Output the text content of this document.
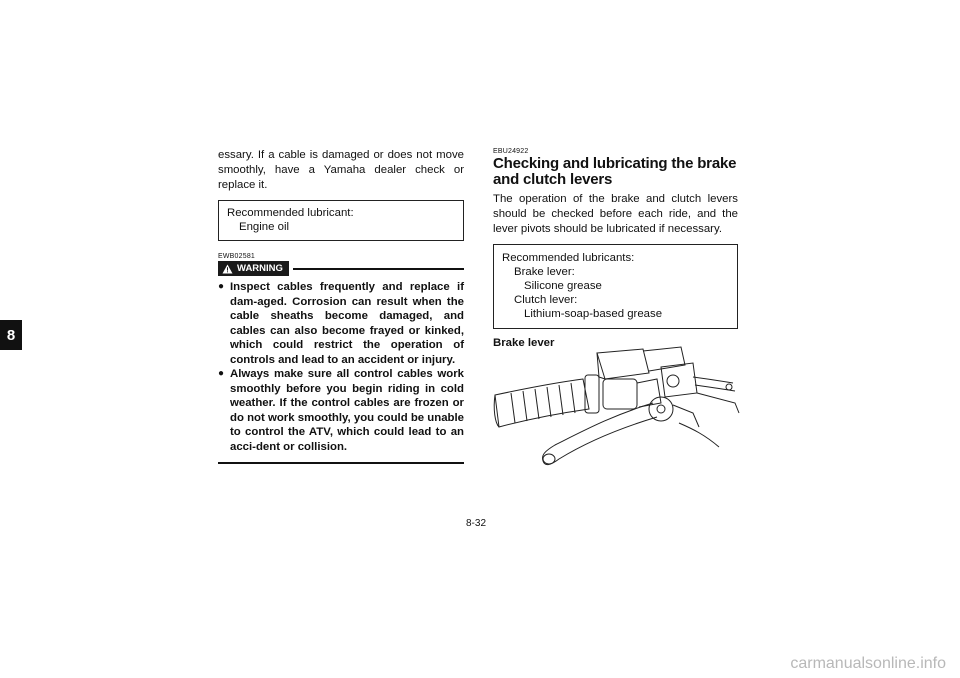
8

essary. If a cable is damaged or does not move smoothly, have a Yamaha dealer check or replace it.

Recommended lubricant:
Engine oil
EWB02581
WARNING
● Inspect cables frequently and replace if dam-aged. Corrosion can result when the cable sheaths become damaged, and cables can also become frayed or kinked, which could restrict the operation of controls and lead to an accident or injury.
● Always make sure all control cables work smoothly before you begin riding in cold weather. If the control cables are frozen or do not work smoothly, you could be unable to control the ATV, which could lead to an acci-dent or collision.
EBU24922
Checking and lubricating the brake and clutch levers

The operation of the brake and clutch levers should be checked before each ride, and the lever pivots should be lubricated if necessary.

Recommended lubricants:
Brake lever:
Silicone grease
Clutch lever:
Lithium-soap-based grease
Brake lever
8-32
carmanualsonline.info
